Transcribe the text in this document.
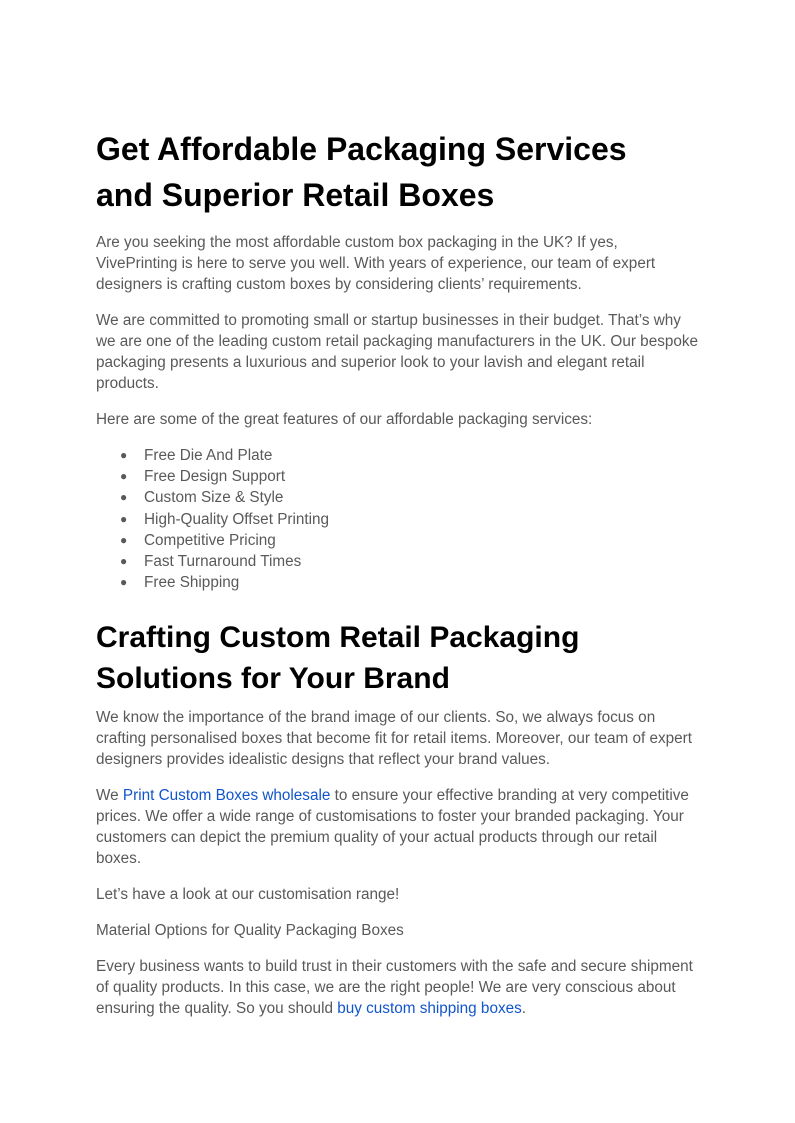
Get Affordable Packaging Services
and Superior Retail Boxes

Are you seeking the most affordable custom box packaging in the UK? If yes, VivePrinting is here to serve you well. With years of experience, our team of expert designers is crafting custom boxes by considering clients’ requirements.

We are committed to promoting small or startup businesses in their budget. That’s why we are one of the leading custom retail packaging manufacturers in the UK. Our bespoke packaging presents a luxurious and superior look to your lavish and elegant retail products.

Here are some of the great features of our affordable packaging services:

● Free Die And Plate
● Free Design Support
● Custom Size & Style
● High-Quality Offset Printing
● Competitive Pricing
● Fast Turnaround Times
● Free Shipping
Crafting Custom Retail Packaging
Solutions for Your Brand

We know the importance of the brand image of our clients. So, we always focus on crafting personalised boxes that become fit for retail items. Moreover, our team of expert designers provides idealistic designs that reflect your brand values.

We Print Custom Boxes wholesale to ensure your effective branding at very competitive prices. We offer a wide range of customisations to foster your branded packaging. Your customers can depict the premium quality of your actual products through our retail boxes.

Let’s have a look at our customisation range!

Material Options for Quality Packaging Boxes

Every business wants to build trust in their customers with the safe and secure shipment of quality products. In this case, we are the right people! We are very conscious about ensuring the quality. So you should buy custom shipping boxes.
